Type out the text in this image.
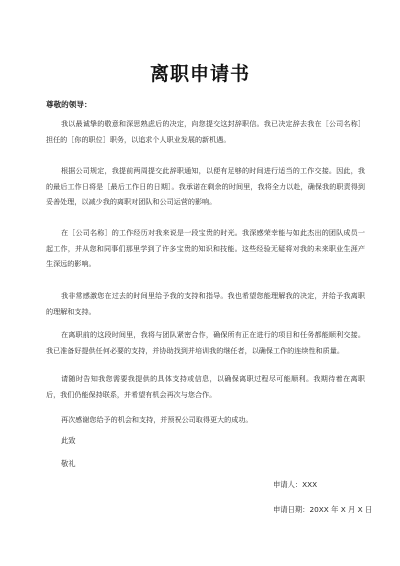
离职申请书
尊敬的领导：

我以最诚挚的敬意和深思熟虑后的决定，向您提交这封辞职信。我已决定辞去我在［公司名称］担任的［你的职位］职务，以追求个人职业发展的新机遇。

根据公司规定，我提前两周提交此辞职通知，以便有足够的时间进行适当的工作交接。因此，我的最后工作日将是［最后工作日的日期］。我承诺在剩余的时间里，我将全力以赴，确保我的职责得到妥善处理，以减少我的离职对团队和公司运营的影响。

在［公司名称］的工作经历对我来说是一段宝贵的时光。我深感荣幸能与如此杰出的团队成员一起工作，并从您和同事们那里学到了许多宝贵的知识和技能。这些经验无疑将对我的未来职业生涯产生深远的影响。

我非常感激您在过去的时间里给予我的支持和指导。我也希望您能理解我的决定，并给予我离职的理解和支持。

在离职前的这段时间里，我将与团队紧密合作，确保所有正在进行的项目和任务都能顺利交接。我已准备好提供任何必要的支持，并协助找到并培训我的继任者，以确保工作的连续性和质量。

请随时告知我您需要我提供的具体支持或信息，以确保离职过程尽可能顺利。我期待着在离职后，我们仍能保持联系，并希望有机会再次与您合作。

再次感谢您给予的机会和支持，并预祝公司取得更大的成功。

此致
敬礼
申请人：XXX
申请日期：20XX 年 X 月 X 日
